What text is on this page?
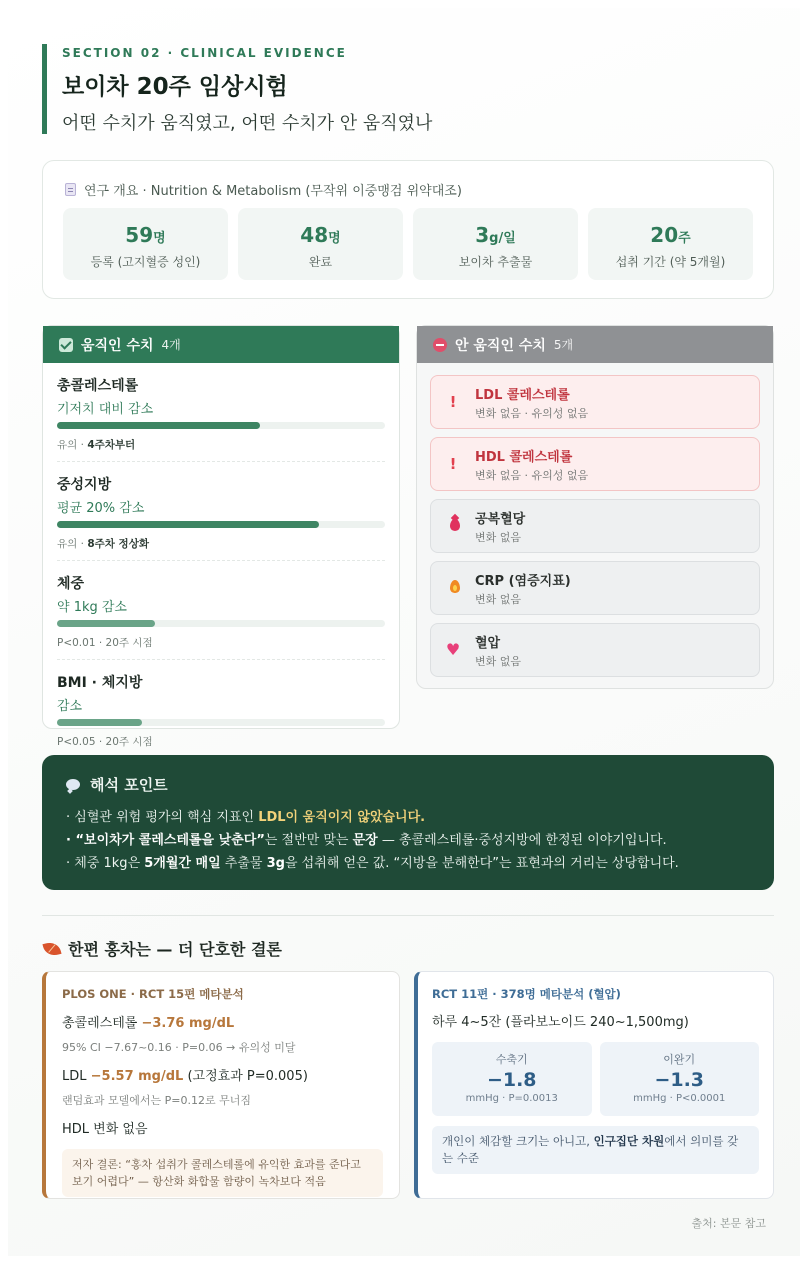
SECTION 02 · CLINICAL EVIDENCE
보이차 20주 임상시험
어떤 수치가 움직였고, 어떤 수치가 안 움직였나
연구 개요 · Nutrition & Metabolism (무작위 이중맹검 위약대조)
59명
등록 (고지혈증 성인)
48명
완료
3g/일
보이차 추출물
20주
섭취 기간 (약 5개월)
움직인 수치 4개
총콜레스테롤
기저치 대비 감소
유의 · 4주차부터
중성지방
평균 20% 감소
유의 · 8주차 정상화
체중
약 1kg 감소
P<0.01 · 20주 시점
BMI · 체지방
감소
P<0.05 · 20주 시점
안 움직인 수치 5개
!	LDL 콜레스테롤
변화 없음 · 유의성 없음
!	HDL 콜레스테롤
변화 없음 · 유의성 없음
공복혈당
변화 없음
CRP (염증지표)
변화 없음
♥ 혈압
변화 없음
해석 포인트
· 심혈관 위험 평가의 핵심 지표인 LDL이 움직이지 않았습니다.
· “보이차가 콜레스테롤을 낮춘다”는 절반만 맞는 문장 — 총콜레스테롤·중성지방에 한정된 이야기입니다.
· 체중 1kg은 5개월간 매일 추출물 3g을 섭취해 얻은 값. “지방을 분해한다”는 표현과의 거리는 상당합니다.
한편 홍차는 — 더 단호한 결론
PLOS ONE · RCT 15편 메타분석
총콜레스테롤 −3.76 mg/dL
95% CI −7.67~0.16 · P=0.06 → 유의성 미달
LDL −5.57 mg/dL (고정효과 P=0.005)
랜덤효과 모델에서는 P=0.12로 무너짐
HDL 변화 없음
저자 결론: “홍차 섭취가 콜레스테롤에 유익한 효과를 준다고 보기 어렵다” — 항산화 화합물 함량이 녹차보다 적음
RCT 11편 · 378명 메타분석 (혈압)
하루 4~5잔 (플라보노이드 240~1,500mg)
수축기
−1.8
mmHg · P=0.0013
이완기
−1.3
mmHg · P<0.0001
개인이 체감할 크기는 아니고, 인구집단 차원에서 의미를 갖는 수준
출처: 본문 참고
